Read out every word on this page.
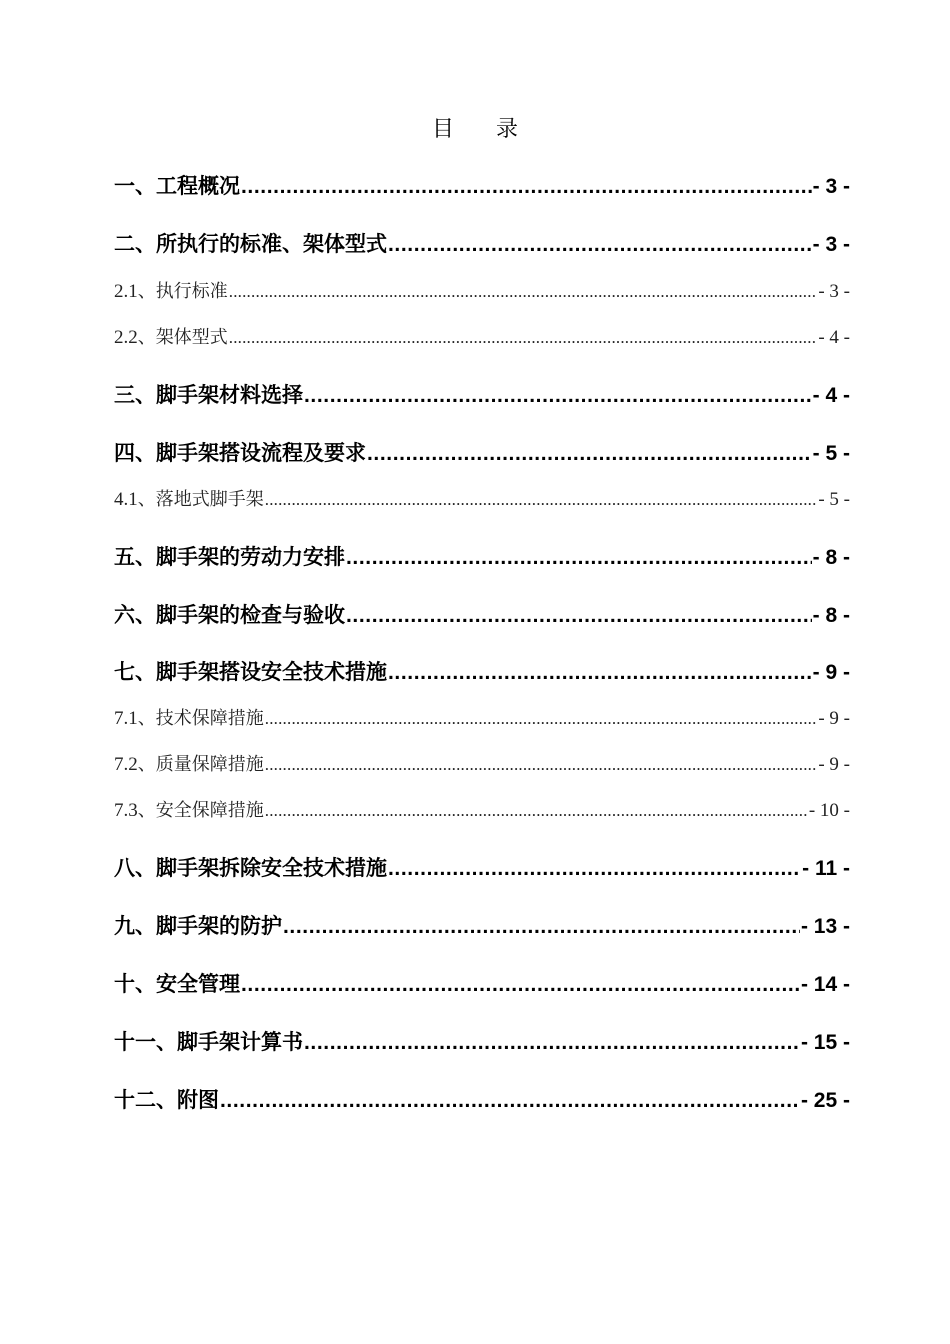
目录
一、工程概况 .....	- 3 -
二、所执行的标准、架体型式 .....	- 3 -
2.1、执行标准 .....	- 3 -
2.2、架体型式 .....	- 4 -
三、脚手架材料选择 .....	- 4 -
四、脚手架搭设流程及要求 .....	- 5 -
4.1、落地式脚手架 .....	- 5 -
五、脚手架的劳动力安排 .....	- 8 -
六、脚手架的检查与验收 .....	- 8 -
七、脚手架搭设安全技术措施 .....	- 9 -
7.1、技术保障措施 .....	- 9 -
7.2、质量保障措施 .....	- 9 -
7.3、安全保障措施 .....	- 10 -
八、脚手架拆除安全技术措施 .....	- 11 -
九、脚手架的防护 .....	- 13 -
十、安全管理 .....	- 14 -
十一、脚手架计算书 .....	- 15 -
十二、附图 .....	- 25 -
